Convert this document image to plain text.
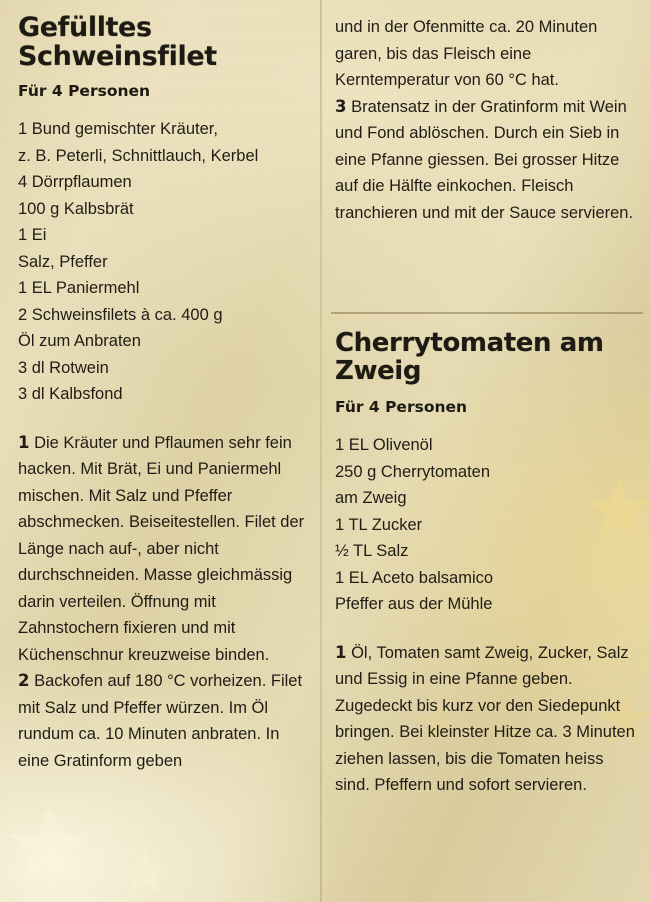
Gefülltes Schweinsfilet
Für 4 Personen
1 Bund gemischter Kräuter,
z. B. Peterli, Schnittlauch, Kerbel
4 Dörrpflaumen
100 g Kalbsbrät
1 Ei
Salz, Pfeffer
1 EL Paniermehl
2 Schweinsfilets à ca. 400 g
Öl zum Anbraten
3 dl Rotwein
3 dl Kalbsfond

1 Die Kräuter und Pflaumen sehr fein hacken. Mit Brät, Ei und Paniermehl mischen. Mit Salz und Pfeffer abschmecken. Beiseitestellen. Filet der Länge nach auf-, aber nicht durchschneiden. Masse gleichmässig darin verteilen. Öffnung mit Zahnstochern fixieren und mit Küchenschnur kreuzweise binden.

2 Backofen auf 180 °C vorheizen. Filet mit Salz und Pfeffer würzen. Im Öl rundum ca. 10 Minuten anbraten. In eine Gratinform geben

und in der Ofenmitte ca. 20 Minuten garen, bis das Fleisch eine Kerntemperatur von 60 °C hat.

3 Bratensatz in der Gratinform mit Wein und Fond ablöschen. Durch ein Sieb in eine Pfanne giessen. Bei grosser Hitze auf die Hälfte einkochen. Fleisch tranchieren und mit der Sauce servieren.

Cherrytomaten am Zweig
Für 4 Personen
1 EL Olivenöl
250 g Cherrytomaten
am Zweig
1 TL Zucker
½ TL Salz
1 EL Aceto balsamico
Pfeffer aus der Mühle

1 Öl, Tomaten samt Zweig, Zucker, Salz und Essig in eine Pfanne geben. Zugedeckt bis kurz vor den Siedepunkt bringen. Bei kleinster Hitze ca. 3 Minuten ziehen lassen, bis die Tomaten heiss sind. Pfeffern und sofort servieren.
